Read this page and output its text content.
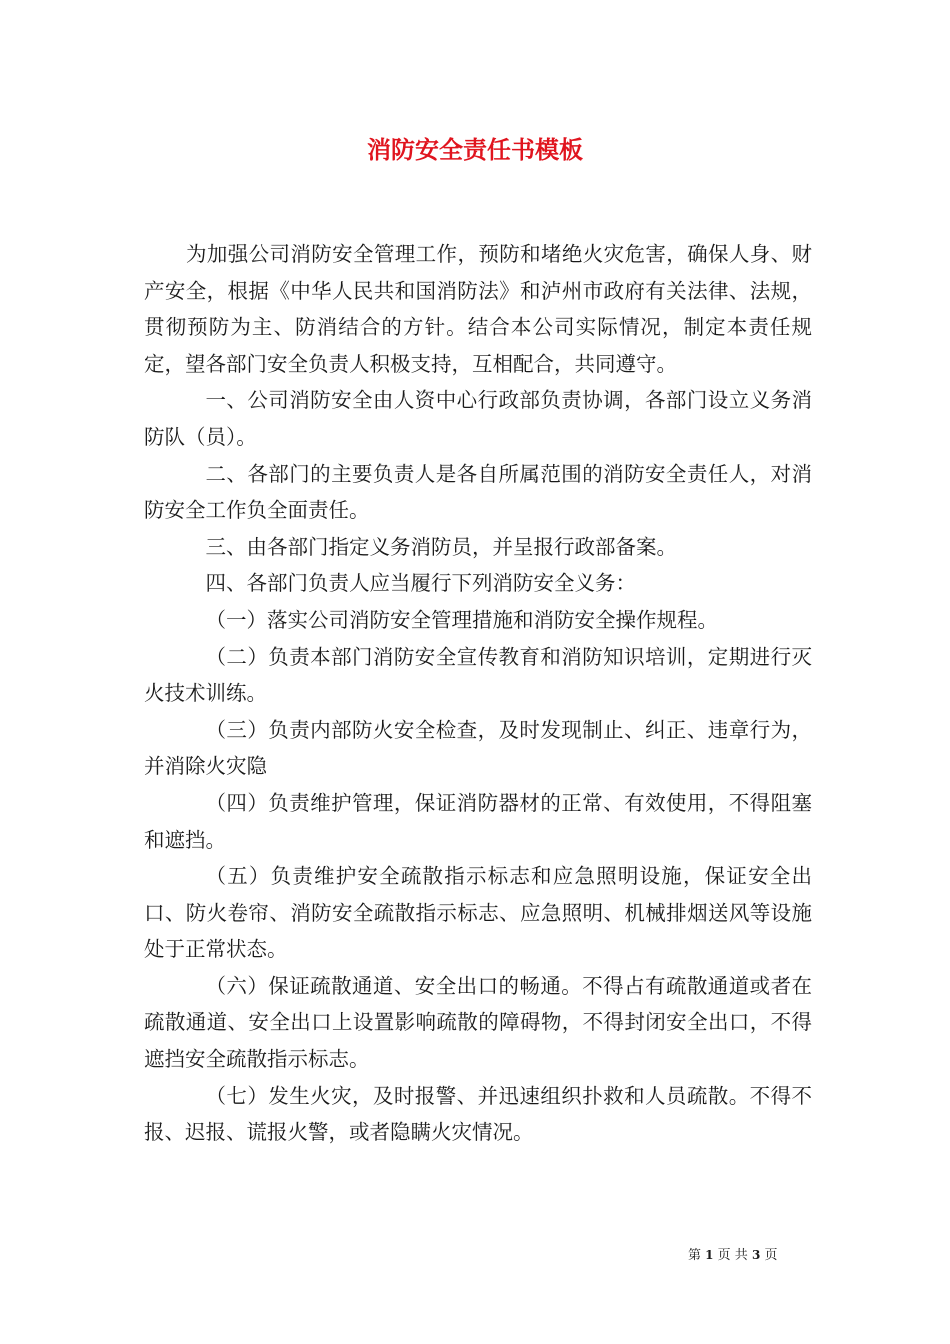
消防安全责任书模板

为加强公司消防安全管理工作，预防和堵绝火灾危害，确保人身、财产安全，根据《中华人民共和国消防法》和泸州市政府有关法律、法规，贯彻预防为主、防消结合的方针。结合本公司实际情况，制定本责任规定，望各部门安全负责人积极支持，互相配合，共同遵守。

一、公司消防安全由人资中心行政部负责协调，各部门设立义务消防队（员）。

二、各部门的主要负责人是各自所属范围的消防安全责任人，对消防安全工作负全面责任。

三、由各部门指定义务消防员，并呈报行政部备案。

四、各部门负责人应当履行下列消防安全义务：

（一）落实公司消防安全管理措施和消防安全操作规程。

（二）负责本部门消防安全宣传教育和消防知识培训，定期进行灭火技术训练。

（三）负责内部防火安全检查，及时发现制止、纠正、违章行为，并消除火灾隐

（四）负责维护管理，保证消防器材的正常、有效使用，不得阻塞和遮挡。

（五）负责维护安全疏散指示标志和应急照明设施，保证安全出口、防火卷帘、消防安全疏散指示标志、应急照明、机械排烟送风等设施处于正常状态。

（六）保证疏散通道、安全出口的畅通。不得占有疏散通道或者在疏散通道、安全出口上设置影响疏散的障碍物，不得封闭安全出口，不得遮挡安全疏散指示标志。

（七）发生火灾，及时报警、并迅速组织扑救和人员疏散。不得不报、迟报、谎报火警，或者隐瞒火灾情况。

第 1 页 共 3 页
